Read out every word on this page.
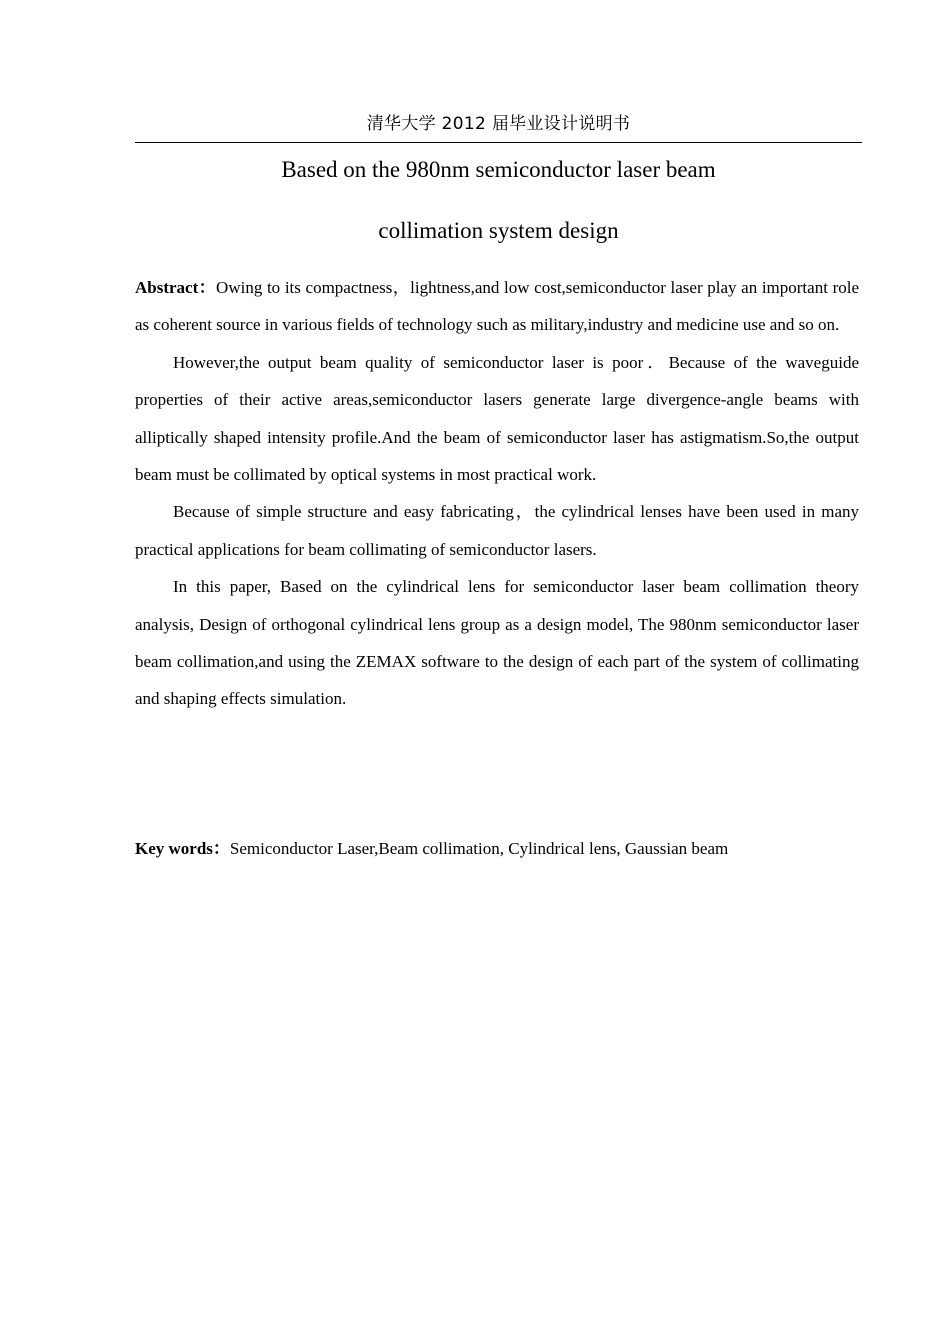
清华大学 2012 届毕业设计说明书
Based on the 980nm semiconductor laser beam
collimation system design

Abstract：Owing to its compactness，lightness,and low cost,semiconductor laser play an important role as coherent source in various fields of technology such as military,industry and medicine use and so on.

However,the output beam quality of semiconductor laser is poor．Because of the waveguide properties of their active areas,semiconductor lasers generate large divergence-angle beams with alliptically shaped intensity profile.And the beam of semiconductor laser has astigmatism.So,the output beam must be collimated by optical systems in most practical work.

Because of simple structure and easy fabricating，the cylindrical lenses have been used in many practical applications for beam collimating of semiconductor lasers.

In this paper, Based on the cylindrical lens for semiconductor laser beam collimation theory analysis, Design of orthogonal cylindrical lens group as a design model, The 980nm semiconductor laser beam collimation,and using the ZEMAX software to the design of each part of the system of collimating and shaping effects simulation.

Key words：Semiconductor Laser,Beam collimation, Cylindrical lens, Gaussian beam
